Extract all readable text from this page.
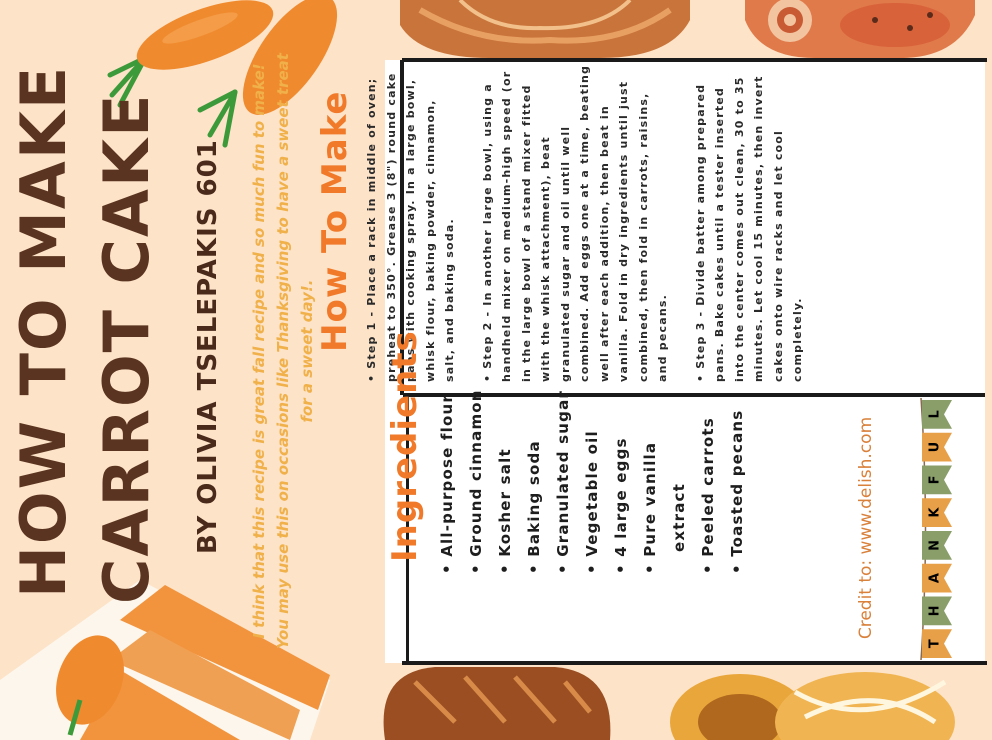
HOW TO MAKE CARROT CAKE BY OLIVIA TSELEPAKIS 601 I think that this recipe is great fall recipe and so much fun to make! You may use this on occasions like Thanksgiving to have a sweet treat for a sweet day!. How To Make • Step 1 - Place a rack in middle of oven; preheat to 350°. Grease 3 (8") round cake pans with cooking spray. In a large bowl, whisk flour, baking powder, cinnamon, salt, and baking soda.	• Step 2 - In another large bowl, using a handheld mixer on medium-high speed (or in the large bowl of a stand mixer fitted with the whisk attachment), beat granulated sugar and oil until well combined. Add eggs one at a time, beating well after each addition, then beat in vanilla. Fold in dry ingredients until just combined, then fold in carrots, raisins, and pecans.	• Step 3 - Divide batter among prepared pans. Bake cakes until a tester inserted into the center comes out clean, 30 to 35 minutes. Let cool 15 minutes, then invert cakes onto wire racks and let cool completely.

Ingredients • All-purpose flour • Ground cinnamon • Kosher salt • Baking soda • Granulated sugar • Vegetable oil • 4 large eggs • Pure vanilla extract • Peeled carrots • Toasted pecans	Credit to: www.delish.com
T
H
A
N
K
F
U
L
